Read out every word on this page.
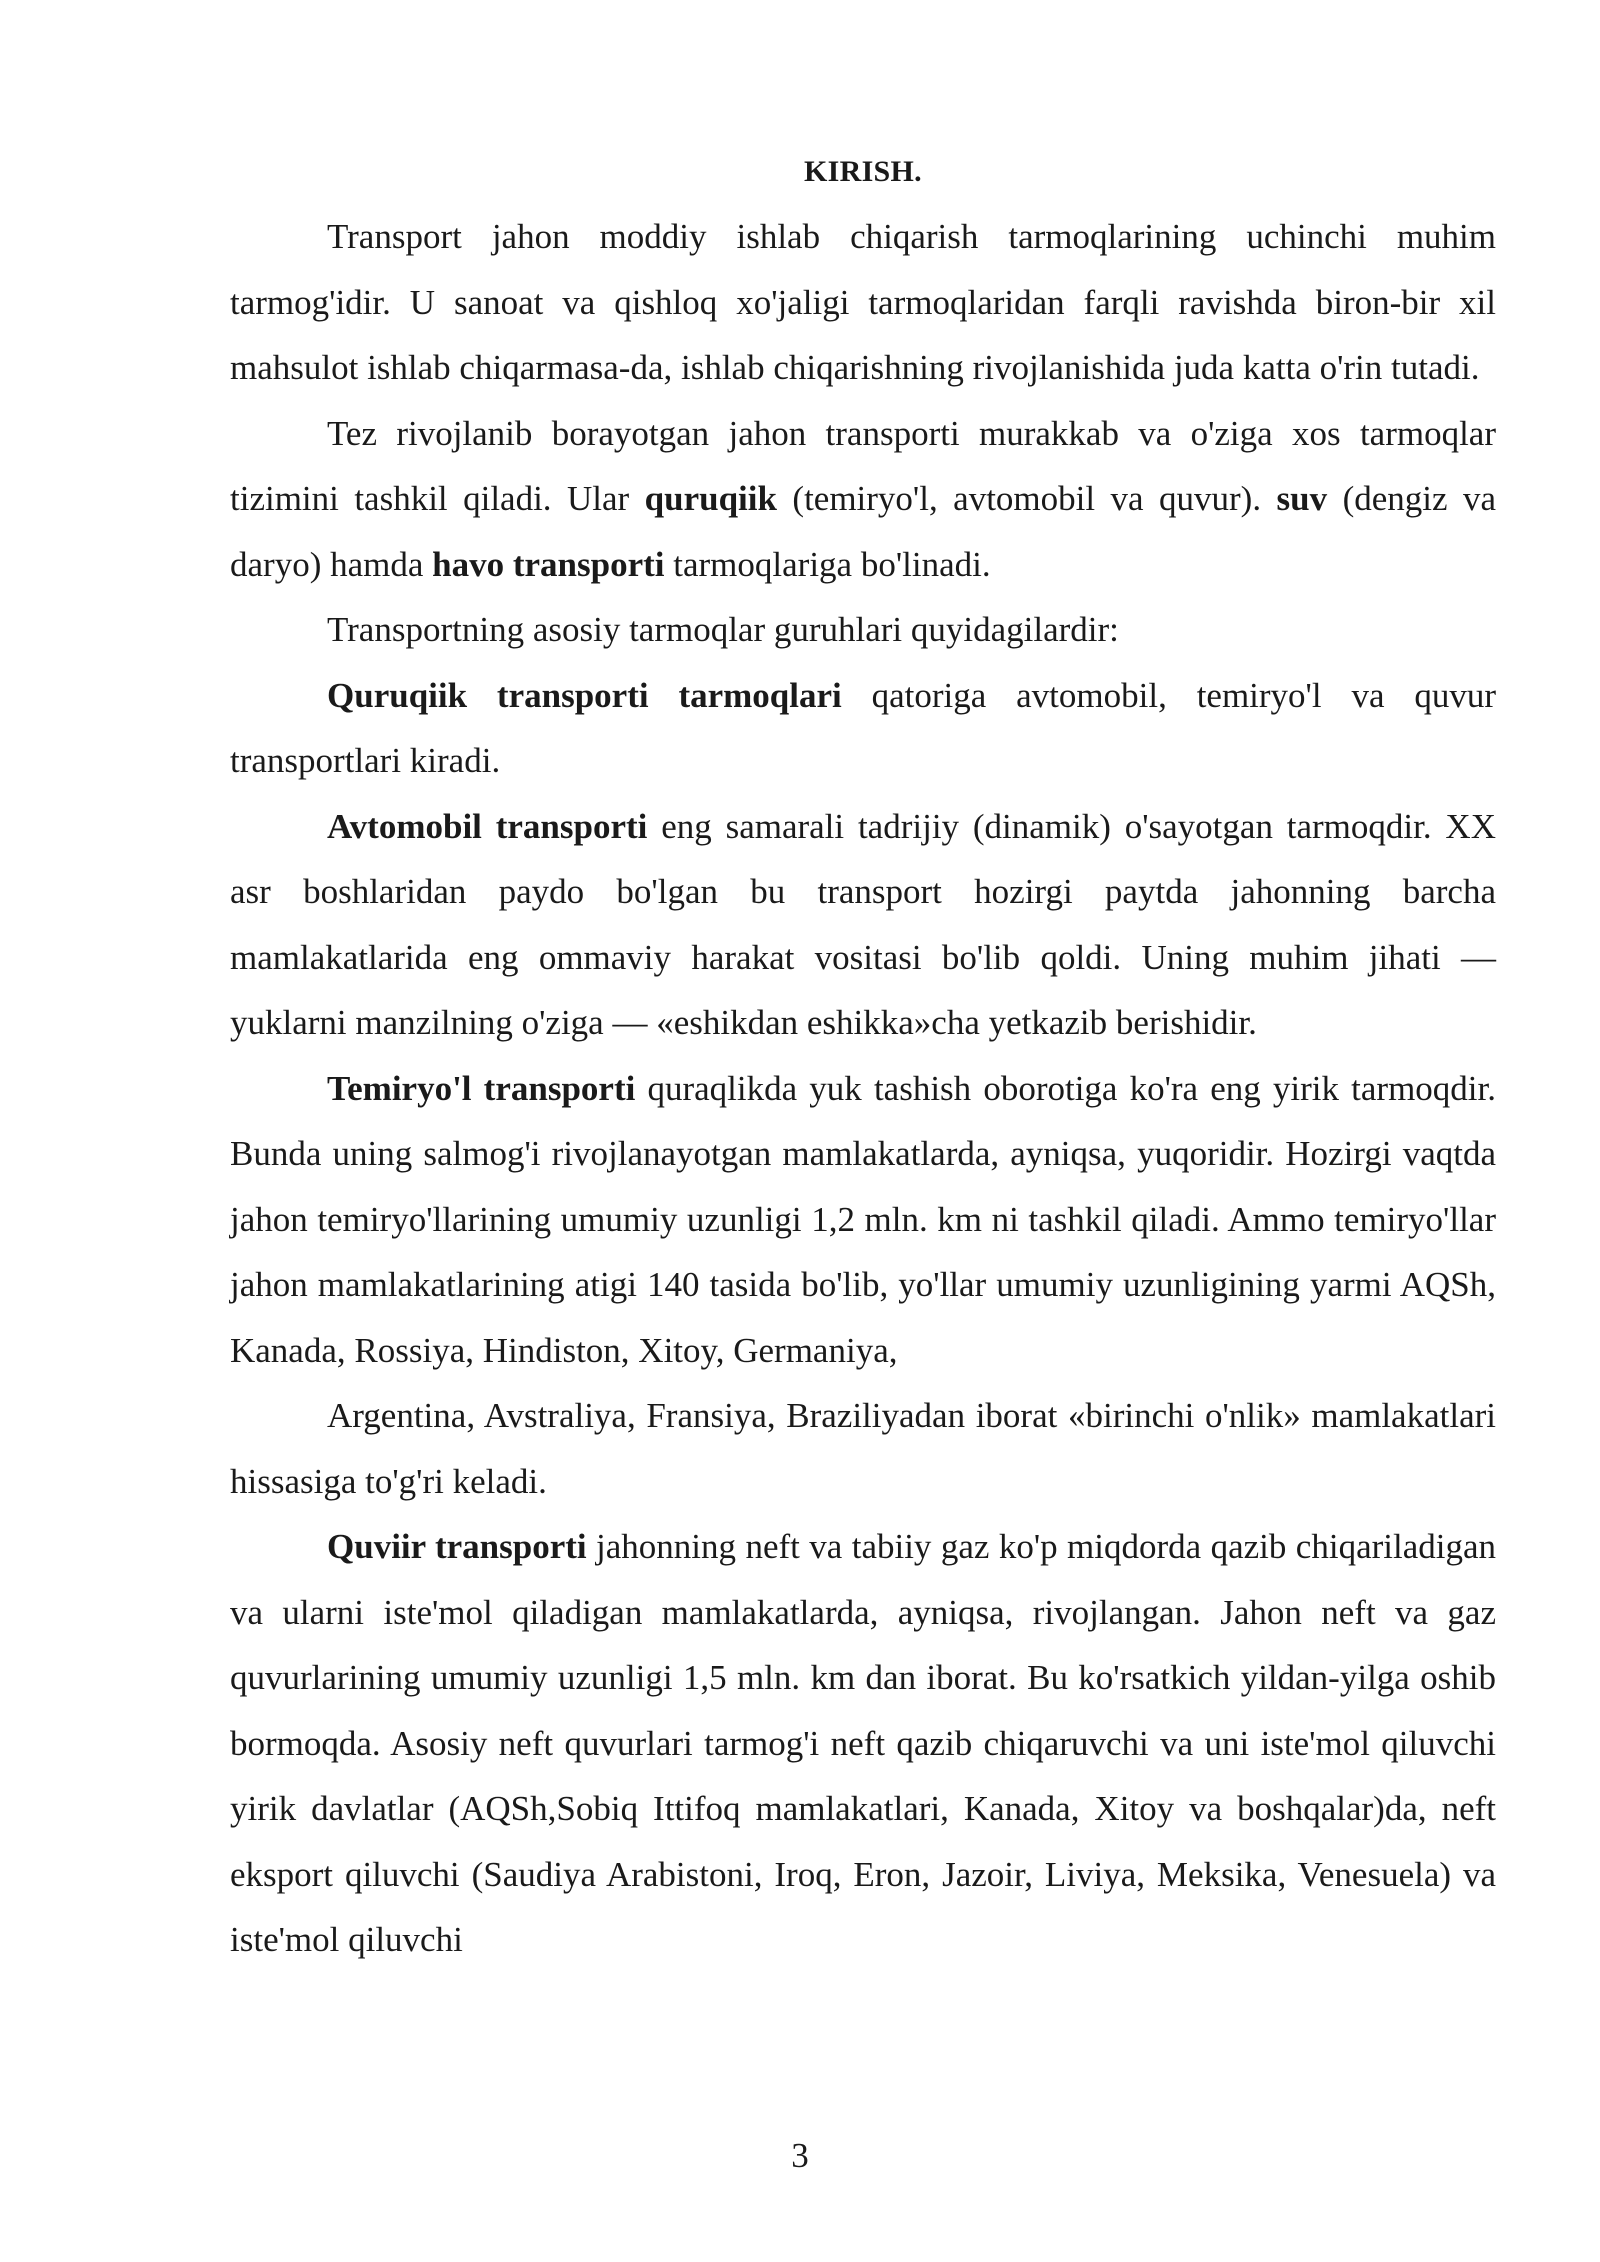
KIRISH.

Transport jahon moddiy ishlab chiqarish tarmoqlarining uchinchi muhim tarmog'idir. U sanoat va qishloq xo'jaligi tarmoqlaridan farqli ravishda biron-bir xil mahsulot ishlab chiqarmasa-da, ishlab chiqarishning rivojlanishida juda katta o'rin tutadi.

Tez rivojlanib borayotgan jahon transporti murakkab va o'ziga xos tarmoqlar tizimini tashkil qiladi. Ular quruqiik (temiryo'l, avtomobil va quvur). suv (dengiz va daryo) hamda havo transporti tarmoqlariga bo'linadi.

Transportning asosiy tarmoqlar guruhlari quyidagilardir:

Quruqiik transporti tarmoqlari qatoriga avtomobil, temiryo'l va quvur transportlari kiradi.

Avtomobil transporti eng samarali tadrijiy (dinamik) o'sayotgan tarmoqdir. XX asr boshlaridan paydo bo'lgan bu transport hozirgi paytda jahonning barcha mamlakatlarida eng ommaviy harakat vositasi bo'lib qoldi. Uning muhim jihati — yuklarni manzilning o'ziga — «eshikdan eshikka»cha yetkazib berishidir.

Temiryo'l transporti quraqlikda yuk tashish oborotiga ko'ra eng yirik tarmoqdir. Bunda uning salmog'i rivojlanayotgan mamlakatlarda, ayniqsa, yuqoridir. Hozirgi vaqtda jahon temiryo'llarining umumiy uzunligi 1,2 mln. km ni tashkil qiladi. Ammo temiryo'llar jahon mamlakatlarining atigi 140 tasida bo'lib, yo'llar umumiy uzunligining yarmi AQSh, Kanada, Rossiya, Hindiston, Xitoy, Germaniya,

Argentina, Avstraliya, Fransiya, Braziliyadan iborat «birinchi o'nlik» mamlakatlari hissasiga to'g'ri keladi.

Quviir transporti jahonning neft va tabiiy gaz ko'p miqdorda qazib chiqariladigan va ularni iste'mol qiladigan mamlakatlarda, ayniqsa, rivojlangan. Jahon neft va gaz quvurlarining umumiy uzunligi 1,5 mln. km dan iborat. Bu ko'rsatkich yildan-yilga oshib bormoqda. Asosiy neft quvurlari tarmog'i neft qazib chiqaruvchi va uni iste'mol qiluvchi yirik davlatlar (AQSh,Sobiq Ittifoq mamlakatlari, Kanada, Xitoy va boshqalar)da, neft eksport qiluvchi (Saudiya Arabistoni, Iroq, Eron, Jazoir, Liviya, Meksika, Venesuela) va iste'mol qiluvchi

3
